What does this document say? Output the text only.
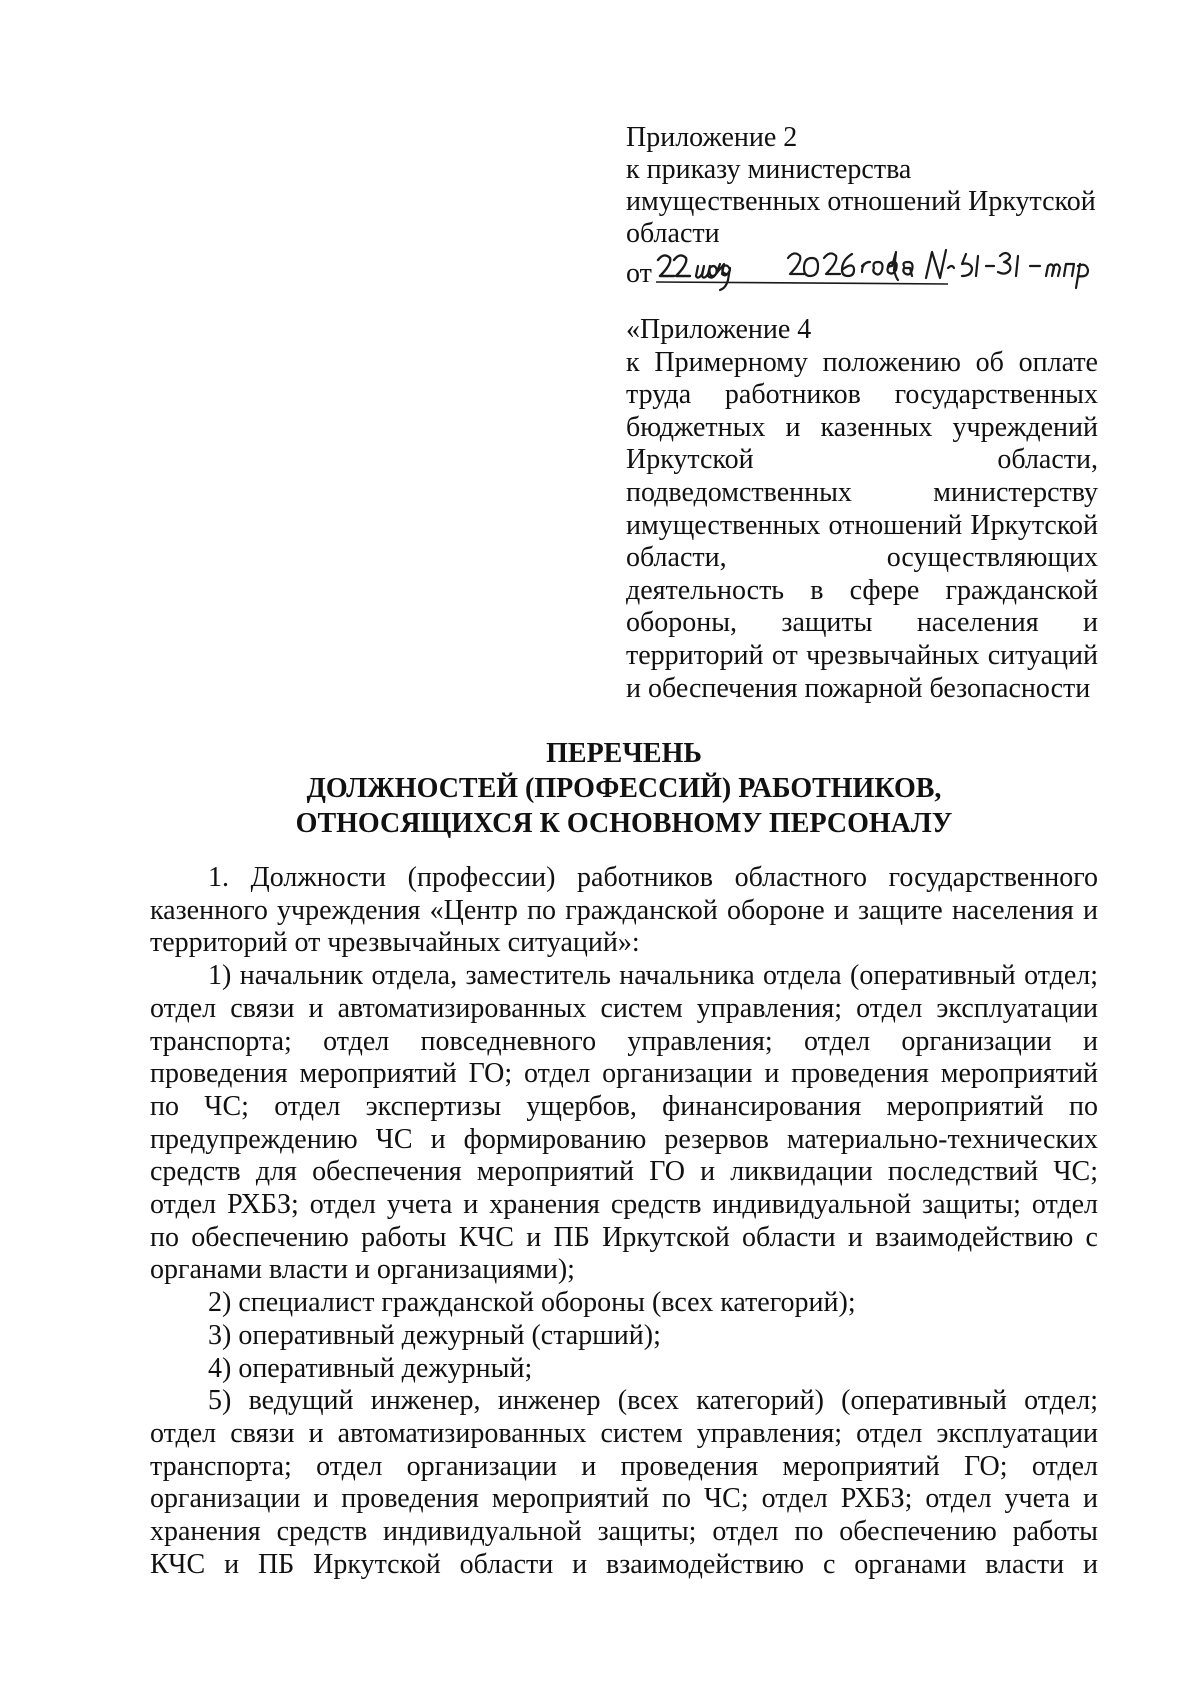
Приложение 2
к приказу министерства
имущественных отношений Иркутской
области
от
«Приложение 4
к Примерному положению об оплате
труда работников государственных
бюджетных и казенных учреждений
Иркутской области,
подведомственных министерству
имущественных отношений Иркутской
области, осуществляющих
деятельность в сфере гражданской
обороны, защиты населения и
территорий от чрезвычайных ситуаций
и обеспечения пожарной безопасности
ПЕРЕЧЕНЬ
ДОЛЖНОСТЕЙ (ПРОФЕССИЙ) РАБОТНИКОВ,
ОТНОСЯЩИХСЯ К ОСНОВНОМУ ПЕРСОНАЛУ
1. Должности (профессии) работников областного государственного
казенного учреждения «Центр по гражданской обороне и защите населения и
территорий от чрезвычайных ситуаций»:
1) начальник отдела, заместитель начальника отдела (оперативный отдел;
отдел связи и автоматизированных систем управления; отдел эксплуатации
транспорта; отдел повседневного управления; отдел организации и
проведения мероприятий ГО; отдел организации и проведения мероприятий
по ЧС; отдел экспертизы ущербов, финансирования мероприятий по
предупреждению ЧС и формированию резервов материально-технических
средств для обеспечения мероприятий ГО и ликвидации последствий ЧС;
отдел РХБЗ; отдел учета и хранения средств индивидуальной защиты; отдел
по обеспечению работы КЧС и ПБ Иркутской области и взаимодействию с
органами власти и организациями);
2) специалист гражданской обороны (всех категорий);
3) оперативный дежурный (старший);
4) оперативный дежурный;
5) ведущий инженер, инженер (всех категорий) (оперативный отдел;
отдел связи и автоматизированных систем управления; отдел эксплуатации
транспорта; отдел организации и проведения мероприятий ГО; отдел
организации и проведения мероприятий по ЧС; отдел РХБЗ; отдел учета и
хранения средств индивидуальной защиты; отдел по обеспечению работы
КЧС и ПБ Иркутской области и взаимодействию с органами власти и
